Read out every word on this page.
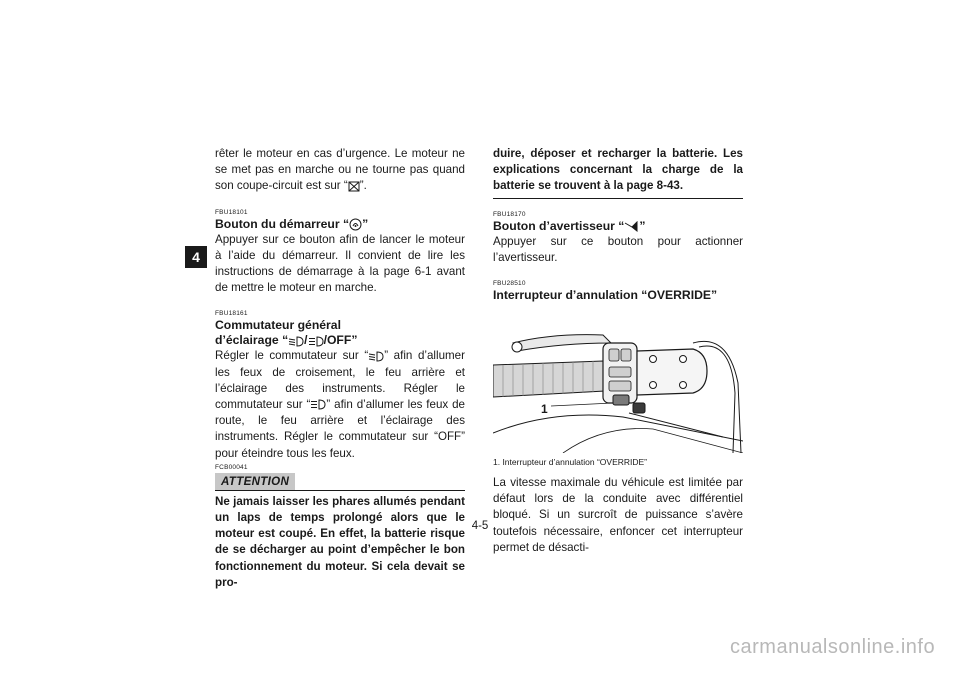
4

rêter le moteur en cas d’urgence. Le moteur ne se met pas en marche ou ne tourne pas quand son coupe-circuit est sur “ ”.

FBU18101

Bouton du démarreur “ ”

Appuyer sur ce bouton afin de lancer le moteur à l’aide du démarreur. Il convient de lire les instructions de démarrage à la page 6-1 avant de mettre le moteur en marche.

FBU18161

Commutateur général

d’éclairage “ / /OFF”

Régler le commutateur sur “ ” afin d’allumer les feux de croisement, le feu arrière et l’éclairage des instruments. Régler le commutateur sur “ ” afin d’allumer les feux de route, le feu arrière et l’éclairage des instruments. Régler le commutateur sur “OFF” pour éteindre tous les feux.

FCB00041

ATTENTION

Ne jamais laisser les phares allumés pendant un laps de temps prolongé alors que le moteur est coupé. En effet, la batterie risque de se décharger au point d’empêcher le bon fonctionnement du moteur. Si cela devait se pro-

duire, déposer et recharger la batterie. Les explications concernant la charge de la batterie se trouvent à la page 8-43.

FBU18170

Bouton d’avertisseur “ ”

Appuyer sur ce bouton pour actionner l’avertisseur.

FBU28510

Interrupteur d’annulation “OVERRIDE”

1

1. Interrupteur d’annulation “OVERRIDE”

La vitesse maximale du véhicule est limitée par défaut lors de la conduite avec différentiel bloqué. Si un surcroît de puissance s’avère toutefois nécessaire, enfoncer cet interrupteur permet de désacti-

4-5
carmanualsonline.info
